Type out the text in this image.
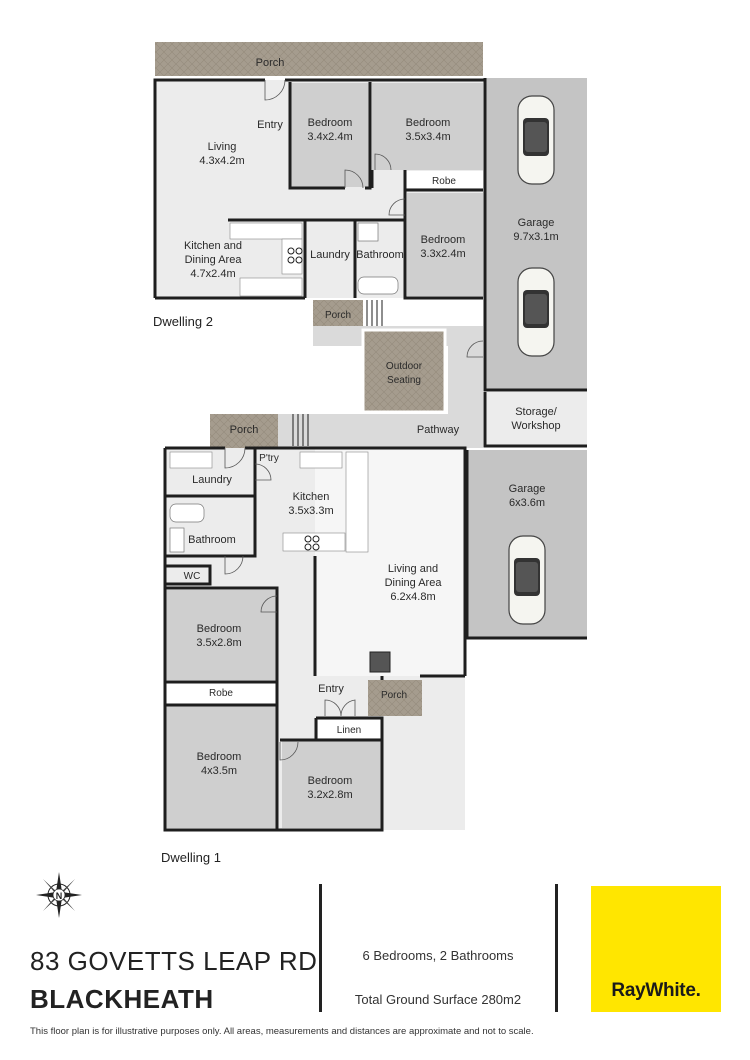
Porch
Entry
Living
4.3x4.2m
Bedroom
3.4x2.4m
Bedroom
3.5x3.4m
Robe
Bedroom
3.3x2.4m
Kitchen and
Dining Area
4.7x2.4m
Laundry Bathroom
Porch
Dwelling 2
Garage
9.7x3.1m
Outdoor
Seating
Storage/
Workshop
Pathway
Porch
Laundry
P'try
Kitchen
3.5x3.3m
Bathroom
WC
Living and
Dining Area
6.2x4.8m
Bedroom
3.5x2.8m
Robe	Entry
Porch
Linen
Bedroom
4x3.5m
Bedroom
3.2x2.8m
Dwelling 1
Garage
6x3.6m
N
83 GOVETTS LEAP RD
BLACKHEATH
6 Bedrooms, 2 Bathrooms
Total Ground Surface 280m2	RayWhite.
This floor plan is for illustrative purposes only. All areas, measurements and distances are approximate and not to scale.
